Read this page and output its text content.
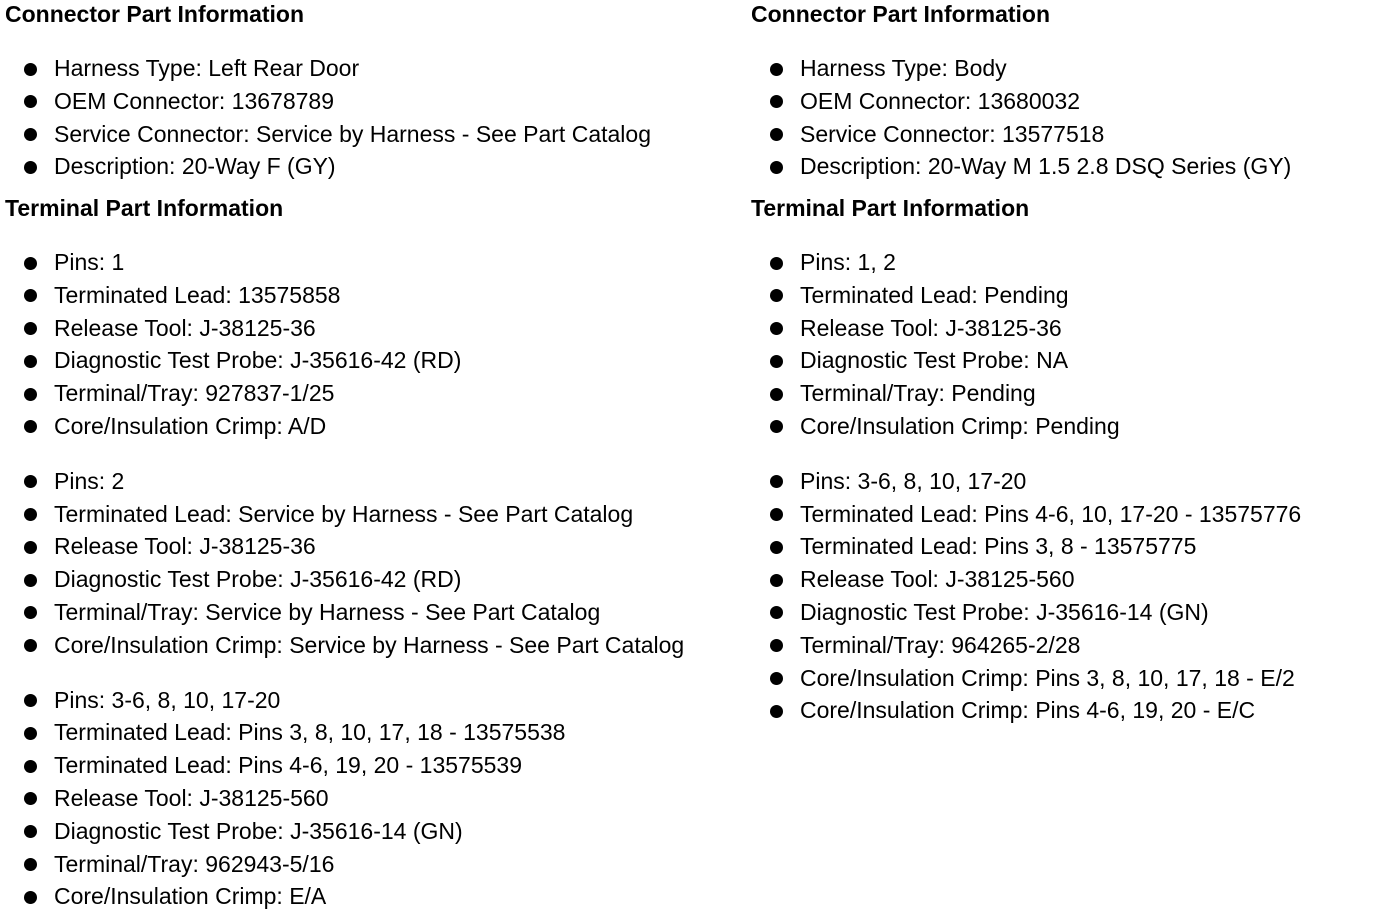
Connector Part Information
Harness Type: Left Rear Door
OEM Connector: 13678789
Service Connector: Service by Harness - See Part Catalog
Description: 20-Way F (GY)
Terminal Part Information
Pins: 1
Terminated Lead: 13575858
Release Tool: J-38125-36
Diagnostic Test Probe: J-35616-42 (RD)
Terminal/Tray: 927837-1/25
Core/Insulation Crimp: A/D
Pins: 2
Terminated Lead: Service by Harness - See Part Catalog
Release Tool: J-38125-36
Diagnostic Test Probe: J-35616-42 (RD)
Terminal/Tray: Service by Harness - See Part Catalog
Core/Insulation Crimp: Service by Harness - See Part Catalog
Pins: 3-6, 8, 10, 17-20
Terminated Lead: Pins 3, 8, 10, 17, 18 - 13575538
Terminated Lead: Pins 4-6, 19, 20 - 13575539
Release Tool: J-38125-560
Diagnostic Test Probe: J-35616-14 (GN)
Terminal/Tray: 962943-5/16
Core/Insulation Crimp: E/A
Connector Part Information
Harness Type: Body
OEM Connector: 13680032
Service Connector: 13577518
Description: 20-Way M 1.5 2.8 DSQ Series (GY)
Terminal Part Information
Pins: 1, 2
Terminated Lead: Pending
Release Tool: J-38125-36
Diagnostic Test Probe: NA
Terminal/Tray: Pending
Core/Insulation Crimp: Pending
Pins: 3-6, 8, 10, 17-20
Terminated Lead: Pins 4-6, 10, 17-20 - 13575776
Terminated Lead: Pins 3, 8 - 13575775
Release Tool: J-38125-560
Diagnostic Test Probe: J-35616-14 (GN)
Terminal/Tray: 964265-2/28
Core/Insulation Crimp: Pins 3, 8, 10, 17, 18 - E/2
Core/Insulation Crimp: Pins 4-6, 19, 20 - E/C
